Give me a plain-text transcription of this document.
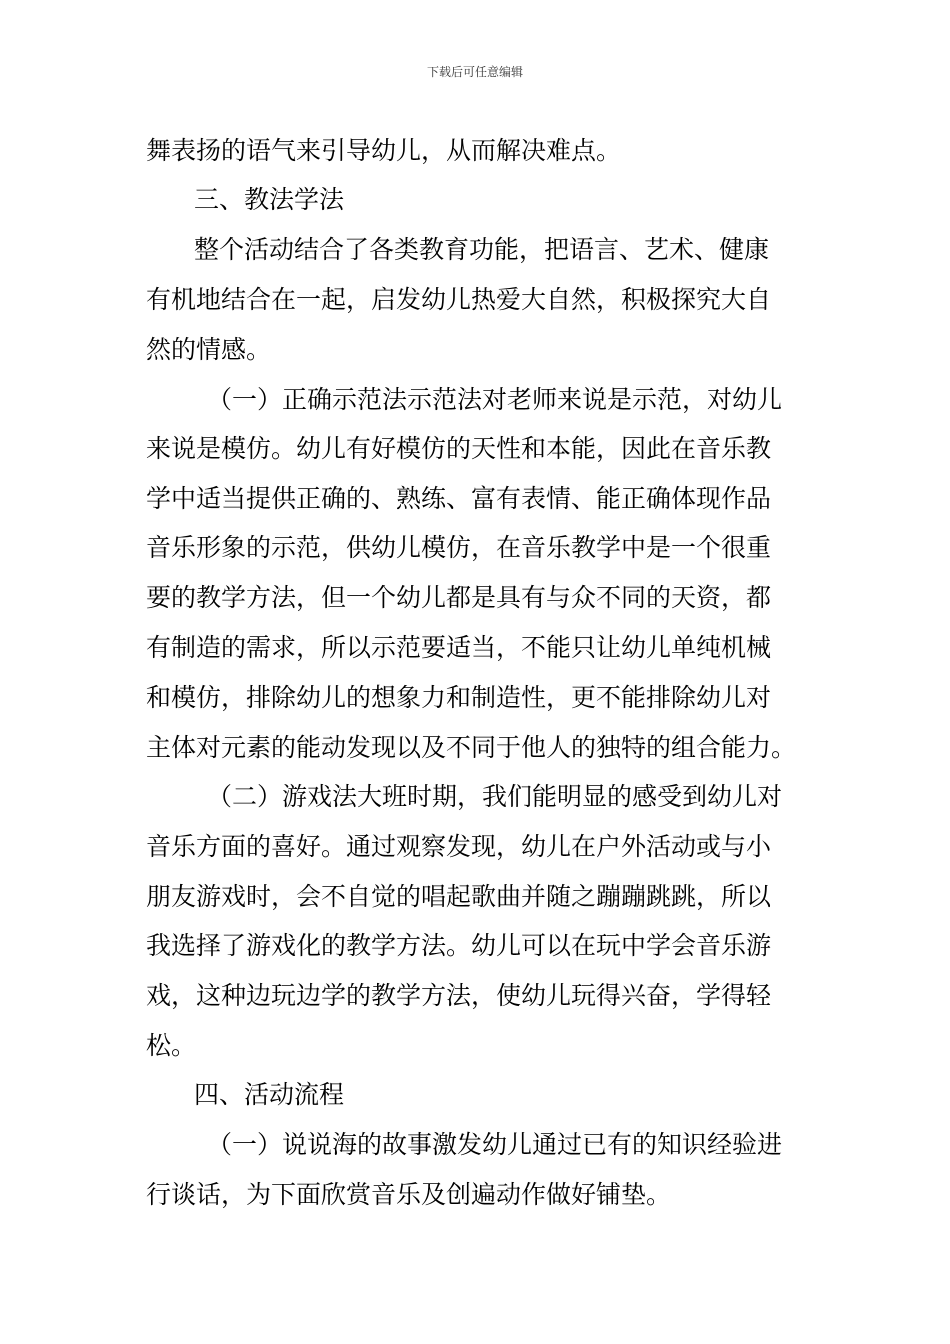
下载后可任意编辑
舞表扬的语气来引导幼儿，从而解决难点。
三、教法学法
整个活动结合了各类教育功能，把语言、艺术、健康
有机地结合在一起，启发幼儿热爱大自然，积极探究大自
然的情感。
（一）正确示范法示范法对老师来说是示范，对幼儿
来说是模仿。幼儿有好模仿的天性和本能，因此在音乐教
学中适当提供正确的、熟练、富有表情、能正确体现作品
音乐形象的示范，供幼儿模仿，在音乐教学中是一个很重
要的教学方法，但一个幼儿都是具有与众不同的天资，都
有制造的需求，所以示范要适当，不能只让幼儿单纯机械
和模仿，排除幼儿的想象力和制造性，更不能排除幼儿对
主体对元素的能动发现以及不同于他人的独特的组合能力。
（二）游戏法大班时期，我们能明显的感受到幼儿对
音乐方面的喜好。通过观察发现，幼儿在户外活动或与小
朋友游戏时，会不自觉的唱起歌曲并随之蹦蹦跳跳，所以
我选择了游戏化的教学方法。幼儿可以在玩中学会音乐游
戏，这种边玩边学的教学方法，使幼儿玩得兴奋，学得轻
松。
四、活动流程
（一）说说海的故事激发幼儿通过已有的知识经验进
行谈话，为下面欣赏音乐及创遍动作做好铺垫。
